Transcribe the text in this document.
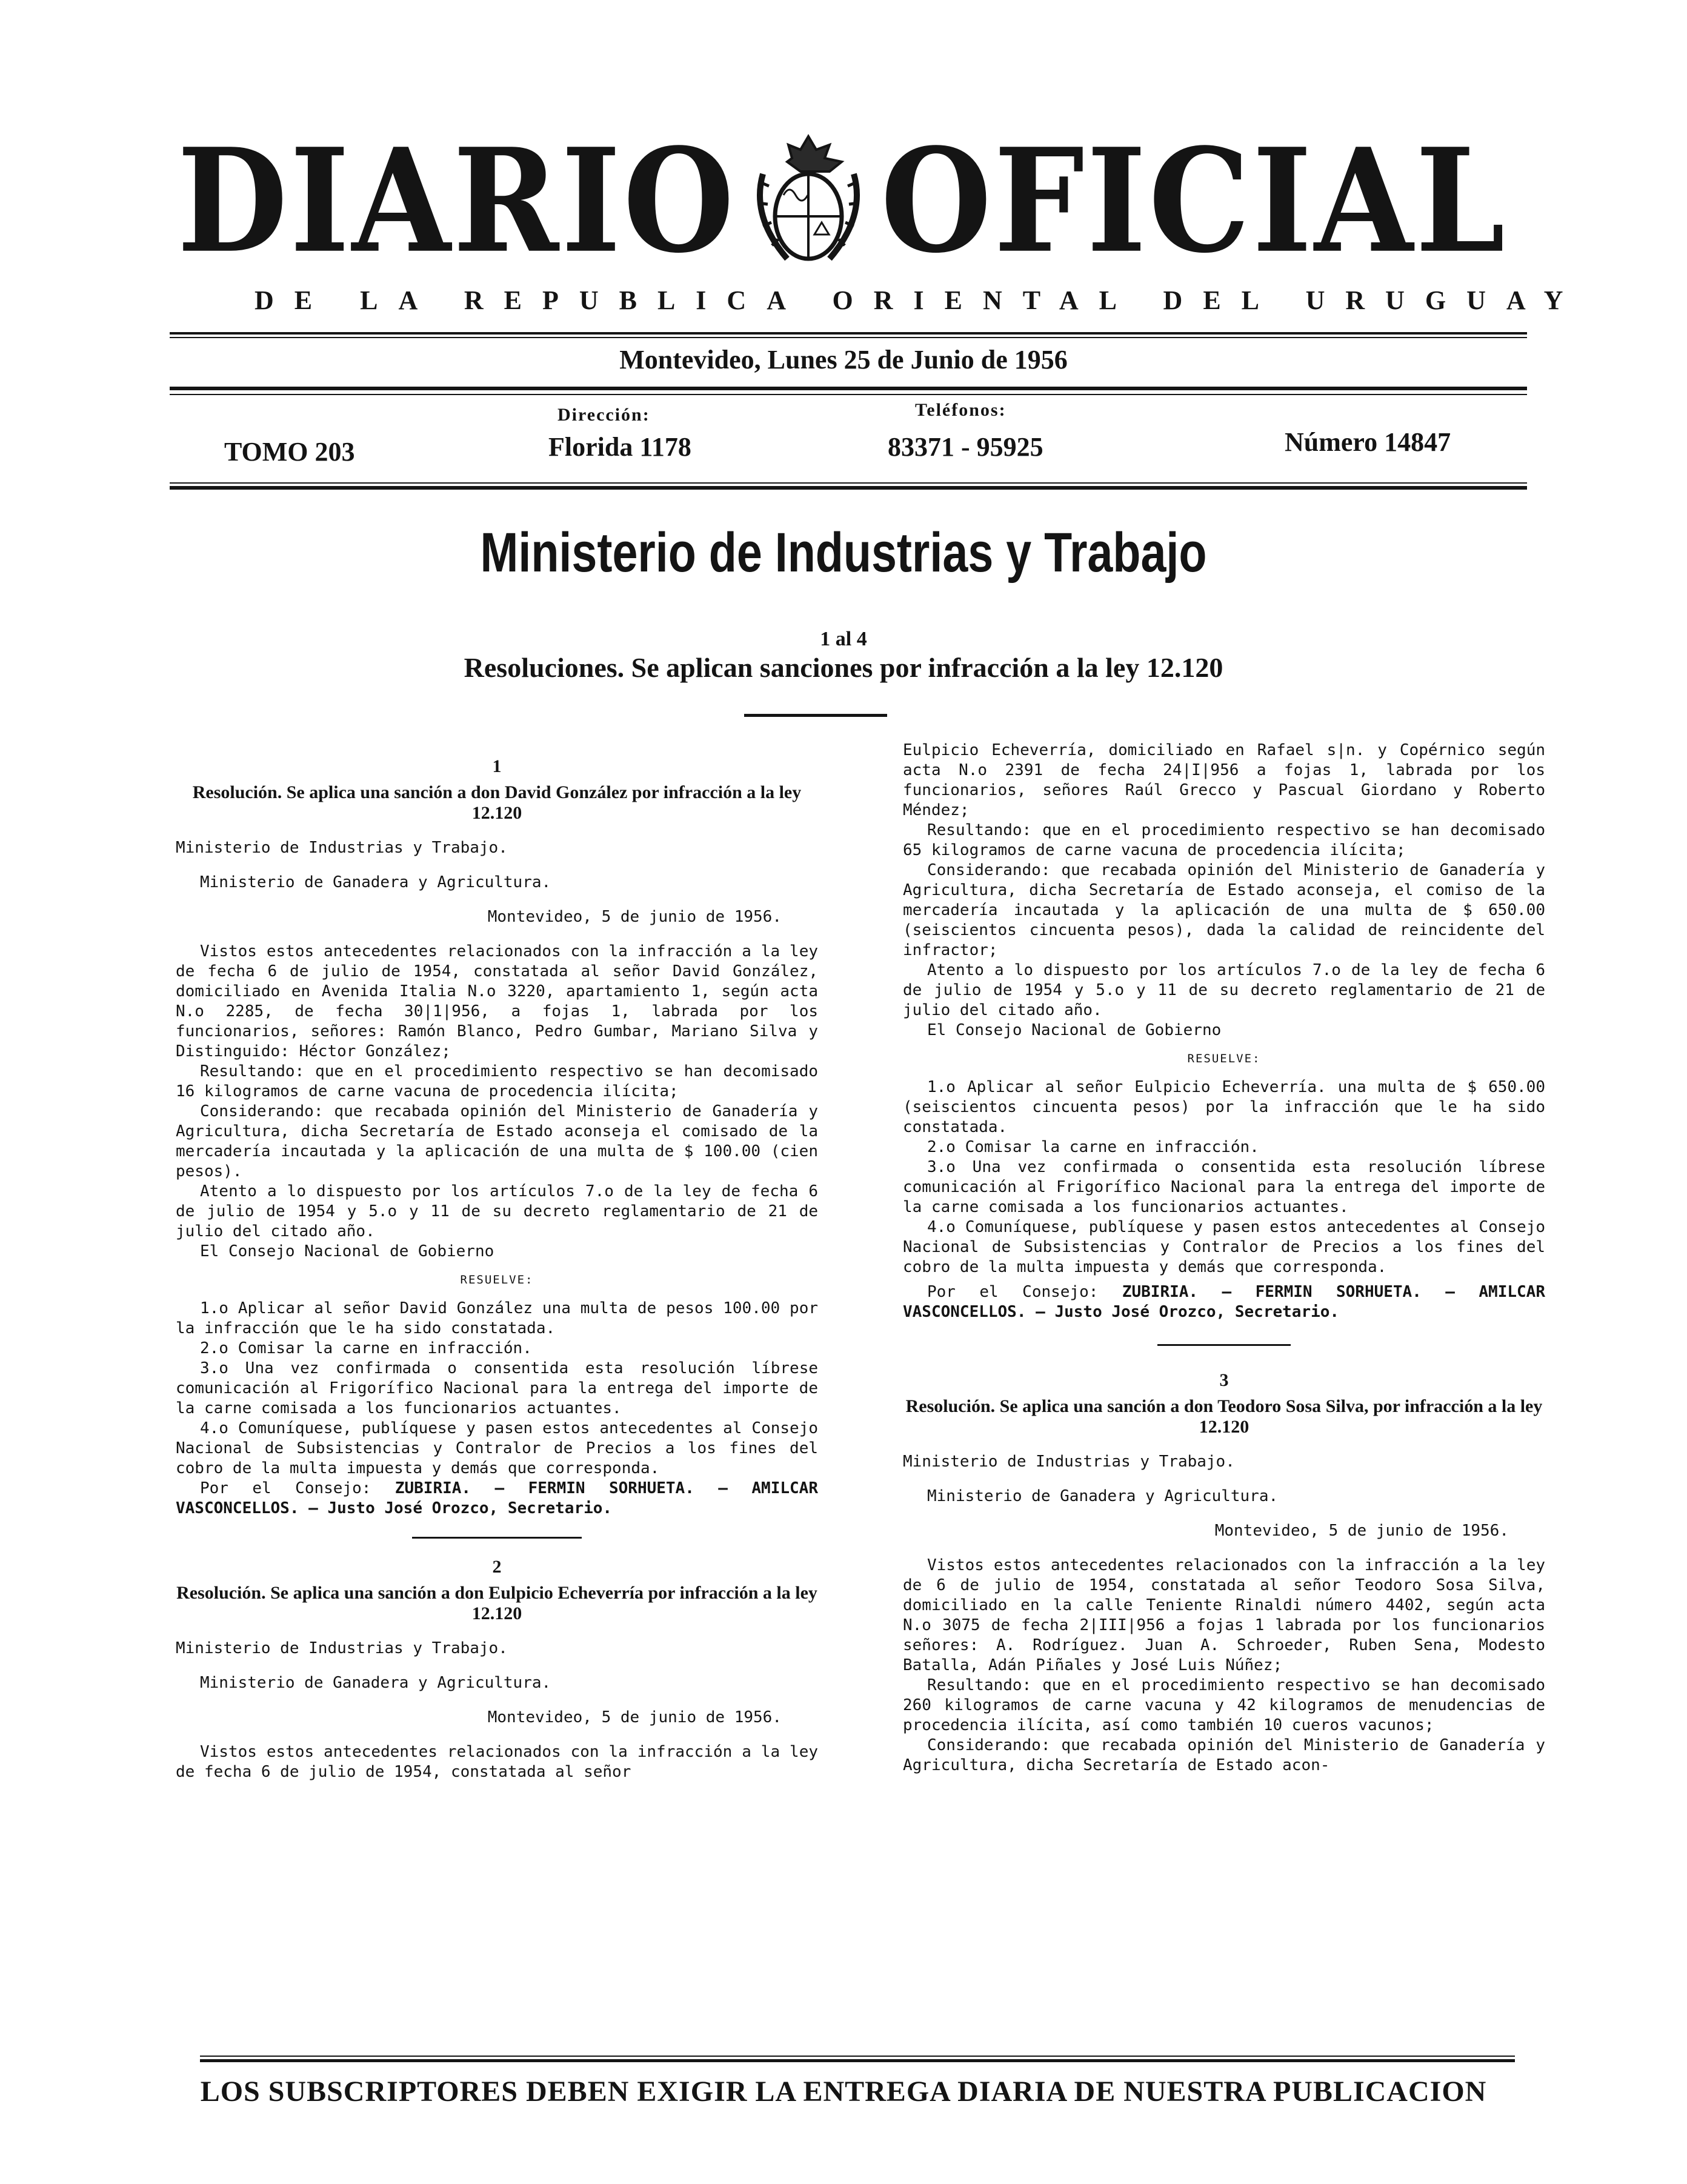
DIARIO OFICIAL
DE LA REPUBLICA ORIENTAL DEL URUGUAY
Montevideo, Lunes 25 de Junio de 1956
Dirección:	Teléfonos:
TOMO 203	Florida 1178	83371 - 95925	Número 14847
Ministerio de Industrias y Trabajo
1 al 4
Resoluciones. Se aplican sanciones por infracción a la ley 12.120

1

Resolución. Se aplica una sanción a don David González por infracción a la ley 12.120

Ministerio de Industrias y Trabajo.

Ministerio de Ganadera y Agricultura.

Montevideo, 5 de junio de 1956.

Vistos estos antecedentes relacionados con la infracción a la ley de fecha 6 de julio de 1954, constatada al señor David González, domiciliado en Avenida Italia N.o 3220, apartamiento 1, según acta N.o 2285, de fecha 30|1|956, a fojas 1, labrada por los funcionarios, señores: Ramón Blanco, Pedro Gumbar, Mariano Silva y Distinguido: Héctor González;

Resultando: que en el procedimiento respectivo se han decomisado 16 kilogramos de carne vacuna de procedencia ilícita;

Considerando: que recabada opinión del Ministerio de Ganadería y Agricultura, dicha Secretaría de Estado aconseja el comisado de la mercadería incautada y la aplicación de una multa de $ 100.00 (cien pesos).

Atento a lo dispuesto por los artículos 7.o de la ley de fecha 6 de julio de 1954 y 5.o y 11 de su decreto reglamentario de 21 de julio del citado año.

El Consejo Nacional de Gobierno

RESUELVE:

1.o Aplicar al señor David González una multa de pesos 100.00 por la infracción que le ha sido constatada.

2.o Comisar la carne en infracción.

3.o Una vez confirmada o consentida esta resolución líbrese comunicación al Frigorífico Nacional para la entrega del importe de la carne comisada a los funcionarios actuantes.

4.o Comuníquese, publíquese y pasen estos antecedentes al Consejo Nacional de Subsistencias y Contralor de Precios a los fines del cobro de la multa impuesta y demás que corresponda.

Por el Consejo: ZUBIRIA. — FERMIN SORHUETA. — AMILCAR VASCONCELLOS. — Justo José Orozco, Secretario.

2

Resolución. Se aplica una sanción a don Eulpicio Echeverría por infracción a la ley 12.120

Ministerio de Industrias y Trabajo.

Ministerio de Ganadera y Agricultura.

Montevideo, 5 de junio de 1956.

Vistos estos antecedentes relacionados con la infracción a la ley de fecha 6 de julio de 1954, constatada al señor

Eulpicio Echeverría, domiciliado en Rafael s|n. y Copérnico según acta N.o 2391 de fecha 24|I|956 a fojas 1, labrada por los funcionarios, señores Raúl Grecco y Pascual Giordano y Roberto Méndez;

Resultando: que en el procedimiento respectivo se han decomisado 65 kilogramos de carne vacuna de procedencia ilícita;

Considerando: que recabada opinión del Ministerio de Ganadería y Agricultura, dicha Secretaría de Estado aconseja, el comiso de la mercadería incautada y la aplicación de una multa de $ 650.00 (seiscientos cincuenta pesos), dada la calidad de reincidente del infractor;

Atento a lo dispuesto por los artículos 7.o de la ley de fecha 6 de julio de 1954 y 5.o y 11 de su decreto reglamentario de 21 de julio del citado año.

El Consejo Nacional de Gobierno

RESUELVE:

1.o Aplicar al señor Eulpicio Echeverría. una multa de $ 650.00 (seiscientos cincuenta pesos) por la infracción que le ha sido constatada.

2.o Comisar la carne en infracción.

3.o Una vez confirmada o consentida esta resolución líbrese comunicación al Frigorífico Nacional para la entrega del importe de la carne comisada a los funcionarios actuantes.

4.o Comuníquese, publíquese y pasen estos antecedentes al Consejo Nacional de Subsistencias y Contralor de Precios a los fines del cobro de la multa impuesta y demás que corresponda.

Por el Consejo: ZUBIRIA. — FERMIN SORHUETA. — AMILCAR VASCONCELLOS. — Justo José Orozco, Secretario.

3

Resolución. Se aplica una sanción a don Teodoro Sosa Silva, por infracción a la ley 12.120

Ministerio de Industrias y Trabajo.

Ministerio de Ganadera y Agricultura.

Montevideo, 5 de junio de 1956.

Vistos estos antecedentes relacionados con la infracción a la ley de 6 de julio de 1954, constatada al señor Teodoro Sosa Silva, domiciliado en la calle Teniente Rinaldi número 4402, según acta N.o 3075 de fecha 2|III|956 a fojas 1 labrada por los funcionarios señores: A. Rodríguez. Juan A. Schroeder, Ruben Sena, Modesto Batalla, Adán Piñales y José Luis Núñez;

Resultando: que en el procedimiento respectivo se han decomisado 260 kilogramos de carne vacuna y 42 kilogramos de menudencias de procedencia ilícita, así como también 10 cueros vacunos;

Considerando: que recabada opinión del Ministerio de Ganadería y Agricultura, dicha Secretaría de Estado acon-

LOS SUBSCRIPTORES DEBEN EXIGIR LA ENTREGA DIARIA DE NUESTRA PUBLICACION
